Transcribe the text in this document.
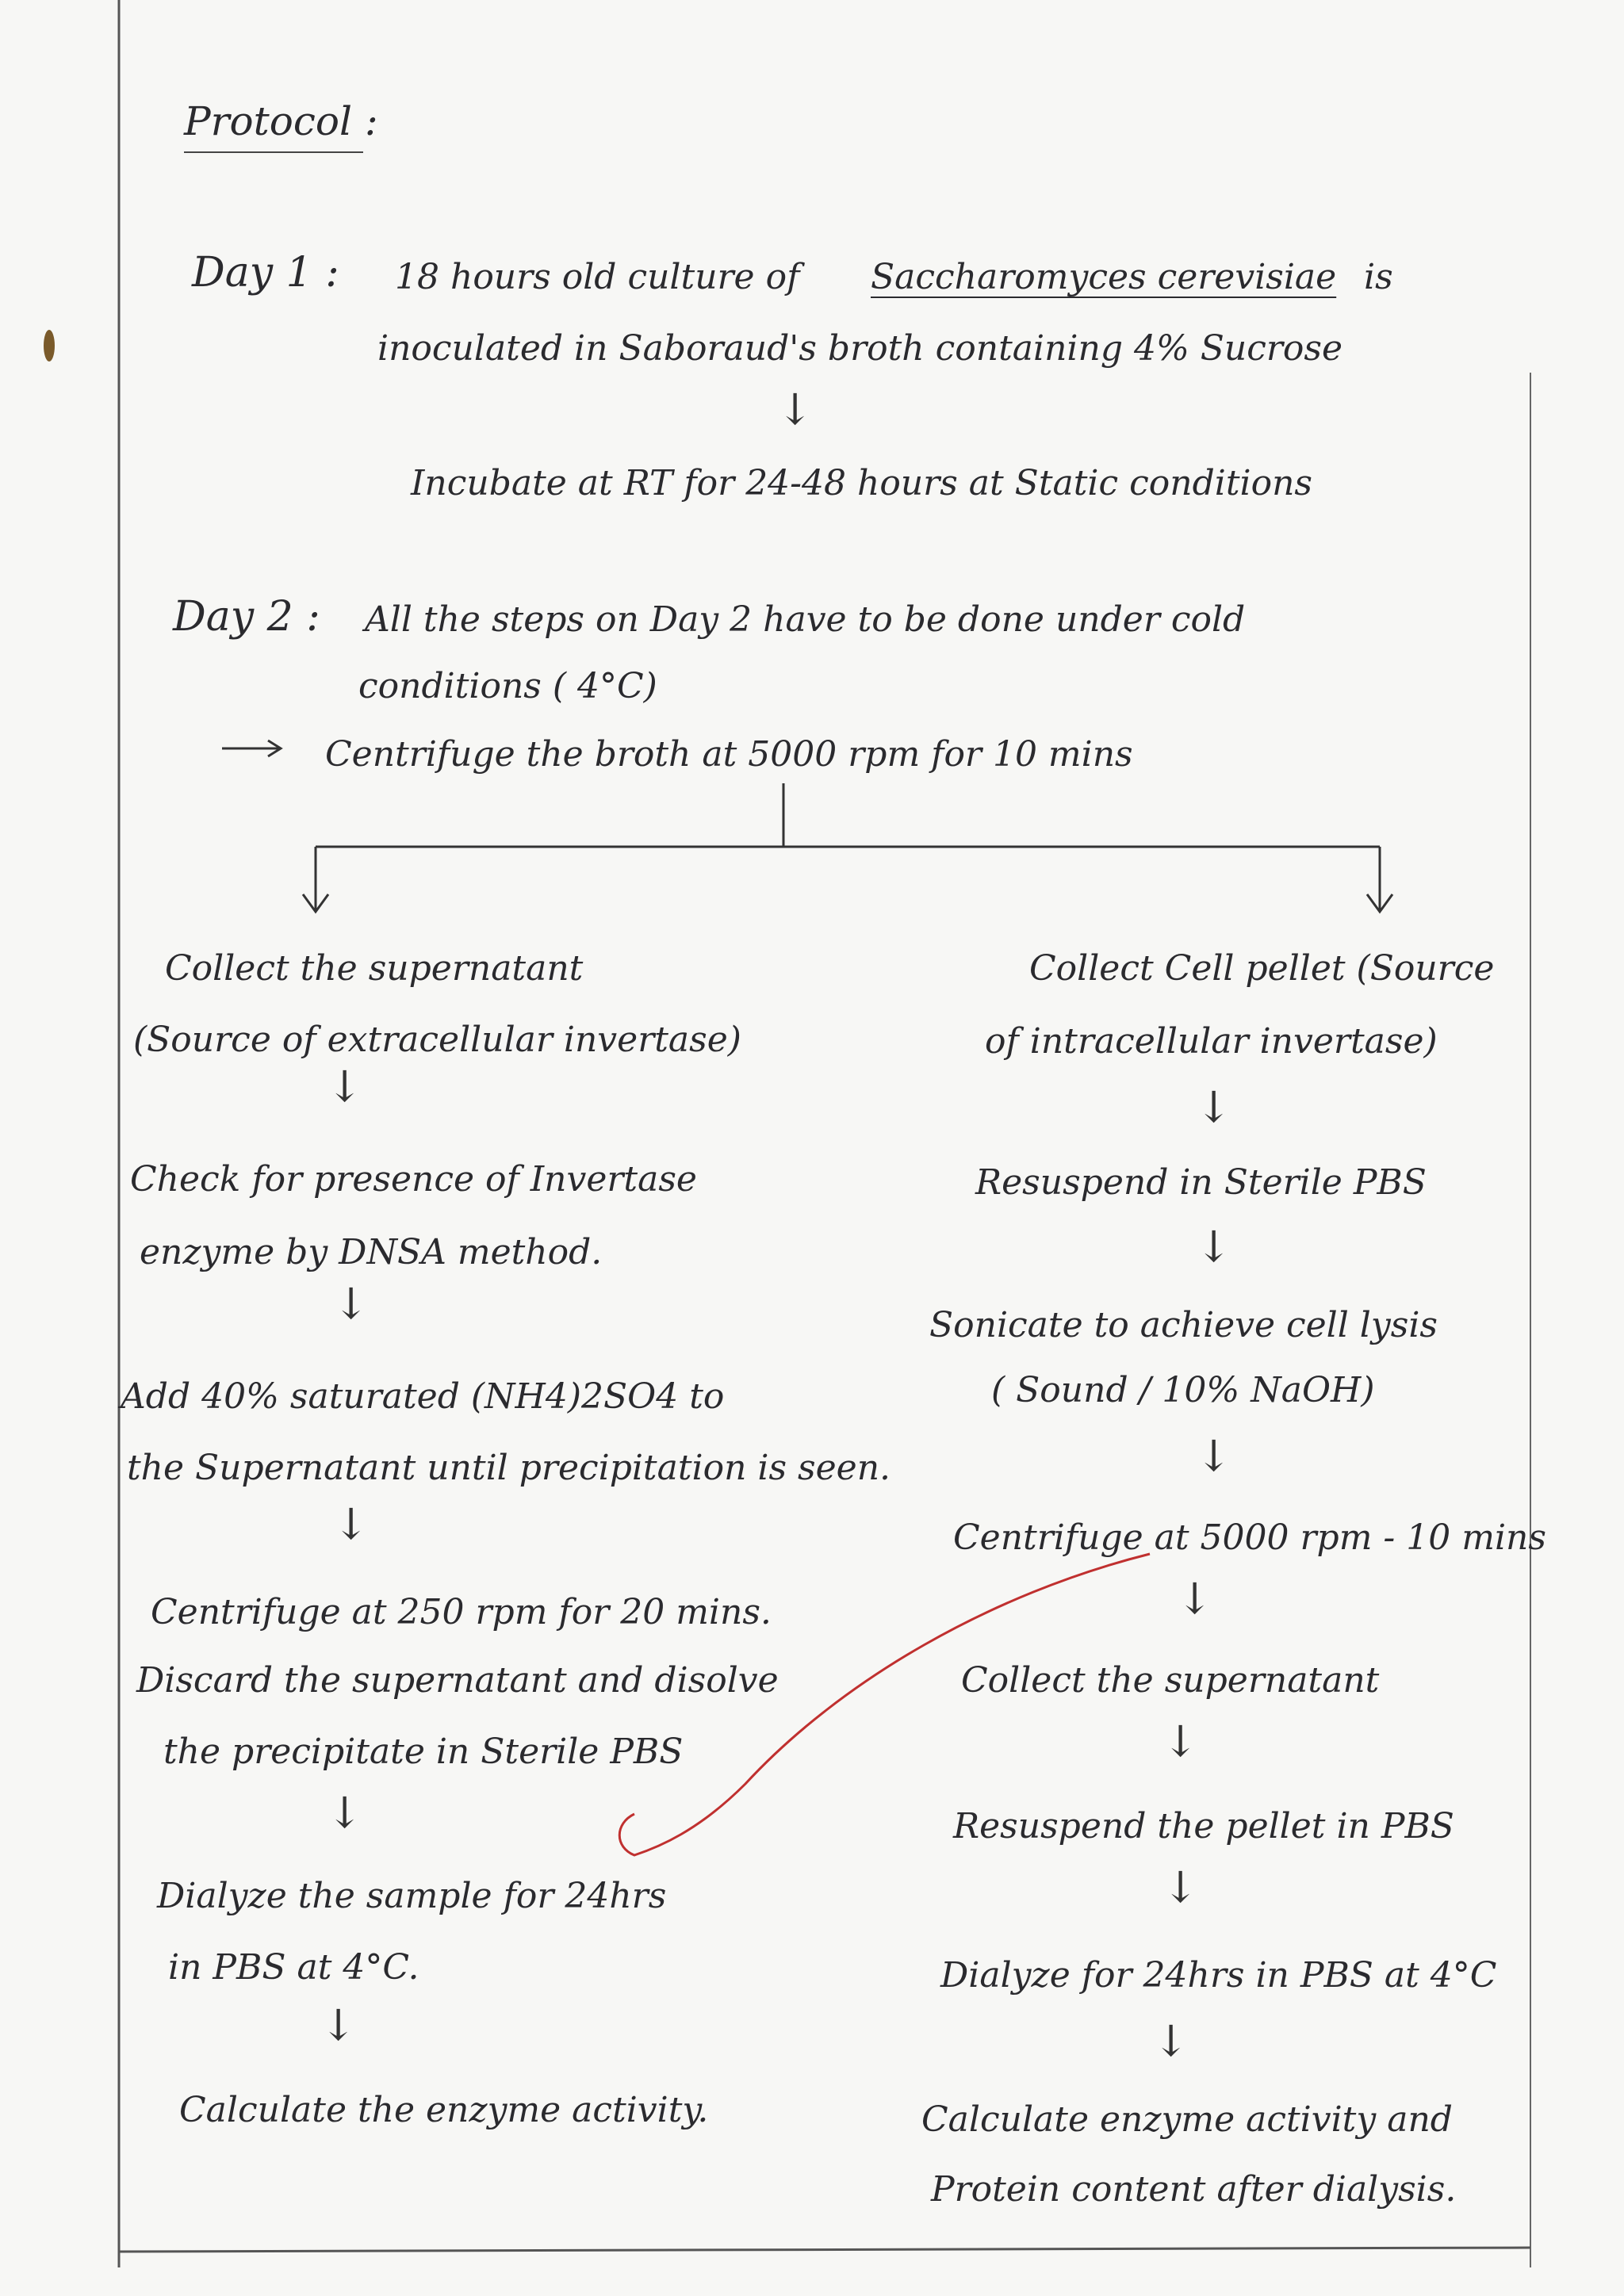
Protocol :
Day 1 : 18 hours old culture of Saccharomyces cerevisiae is
inoculated in Saboraud's broth containing 4% Sucrose
↓
Incubate at RT for 24-48 hours at Static conditions
Day 2 : All the steps on Day 2 have to be done under cold
conditions ( 4°C)
Centrifuge the broth at 5000 rpm for 10 mins
Collect the supernatant
(Source of extracellular invertase)
↓
Check for presence of Invertase
enzyme by DNSA method.
↓
Add 40% saturated (NH4)2SO4 to
the Supernatant until precipitation is seen.
↓
Centrifuge at 250 rpm for 20 mins.
Discard the supernatant and disolve
the precipitate in Sterile PBS
↓
Dialyze the sample for 24hrs
in PBS at 4°C.
↓
Calculate the enzyme activity.
Collect Cell pellet (Source
of intracellular invertase)
↓
Resuspend in Sterile PBS
↓
Sonicate to achieve cell lysis
( Sound / 10% NaOH)
↓
Centrifuge at 5000 rpm - 10 mins
↓
Collect the supernatant
↓
Resuspend the pellet in PBS
↓
Dialyze for 24hrs in PBS at 4°C
↓
Calculate enzyme activity and
Protein content after dialysis.
